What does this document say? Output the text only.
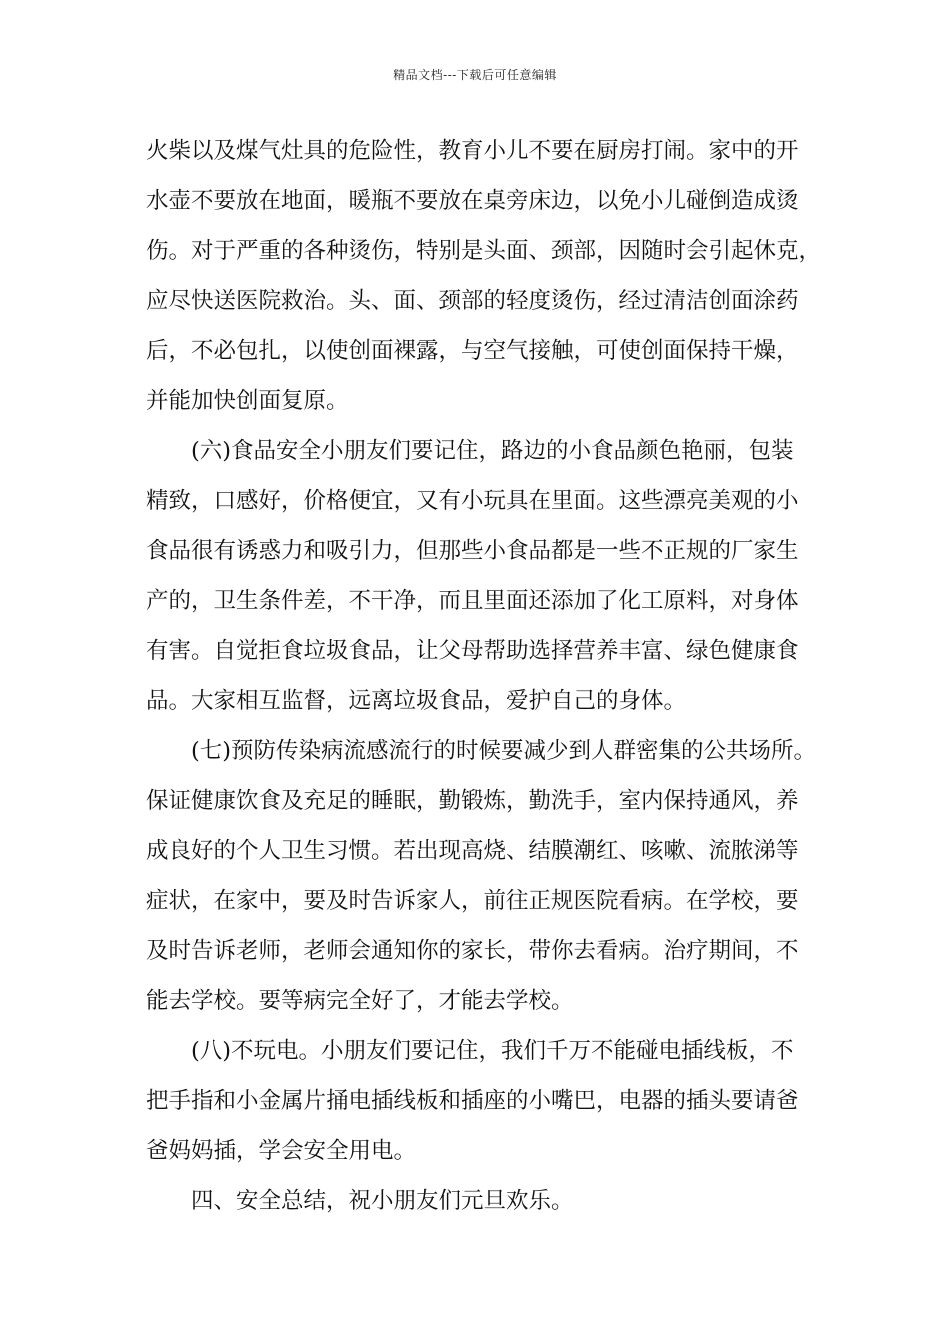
精品文档---下载后可任意编辑
火柴以及煤气灶具的危险性，教育小儿不要在厨房打闹。家中的开
水壶不要放在地面，暖瓶不要放在桌旁床边，以免小儿碰倒造成烫
伤。对于严重的各种烫伤，特别是头面、颈部，因随时会引起休克，
应尽快送医院救治。头、面、颈部的轻度烫伤，经过清洁创面涂药
后，不必包扎，以使创面裸露，与空气接触，可使创面保持干燥，
并能加快创面复原。
(六)食品安全小朋友们要记住，路边的小食品颜色艳丽，包装
精致，口感好，价格便宜，又有小玩具在里面。这些漂亮美观的小
食品很有诱惑力和吸引力，但那些小食品都是一些不正规的厂家生
产的，卫生条件差，不干净，而且里面还添加了化工原料，对身体
有害。自觉拒食垃圾食品，让父母帮助选择营养丰富、绿色健康食
品。大家相互监督，远离垃圾食品，爱护自己的身体。
(七)预防传染病流感流行的时候要减少到人群密集的公共场所。
保证健康饮食及充足的睡眠，勤锻炼，勤洗手，室内保持通风，养
成良好的个人卫生习惯。若出现高烧、结膜潮红、咳嗽、流脓涕等
症状，在家中，要及时告诉家人，前往正规医院看病。在学校，要
及时告诉老师，老师会通知你的家长，带你去看病。治疗期间，不
能去学校。要等病完全好了，才能去学校。
(八)不玩电。小朋友们要记住，我们千万不能碰电插线板，不
把手指和小金属片捅电插线板和插座的小嘴巴，电器的插头要请爸
爸妈妈插，学会安全用电。
四、安全总结，祝小朋友们元旦欢乐。
